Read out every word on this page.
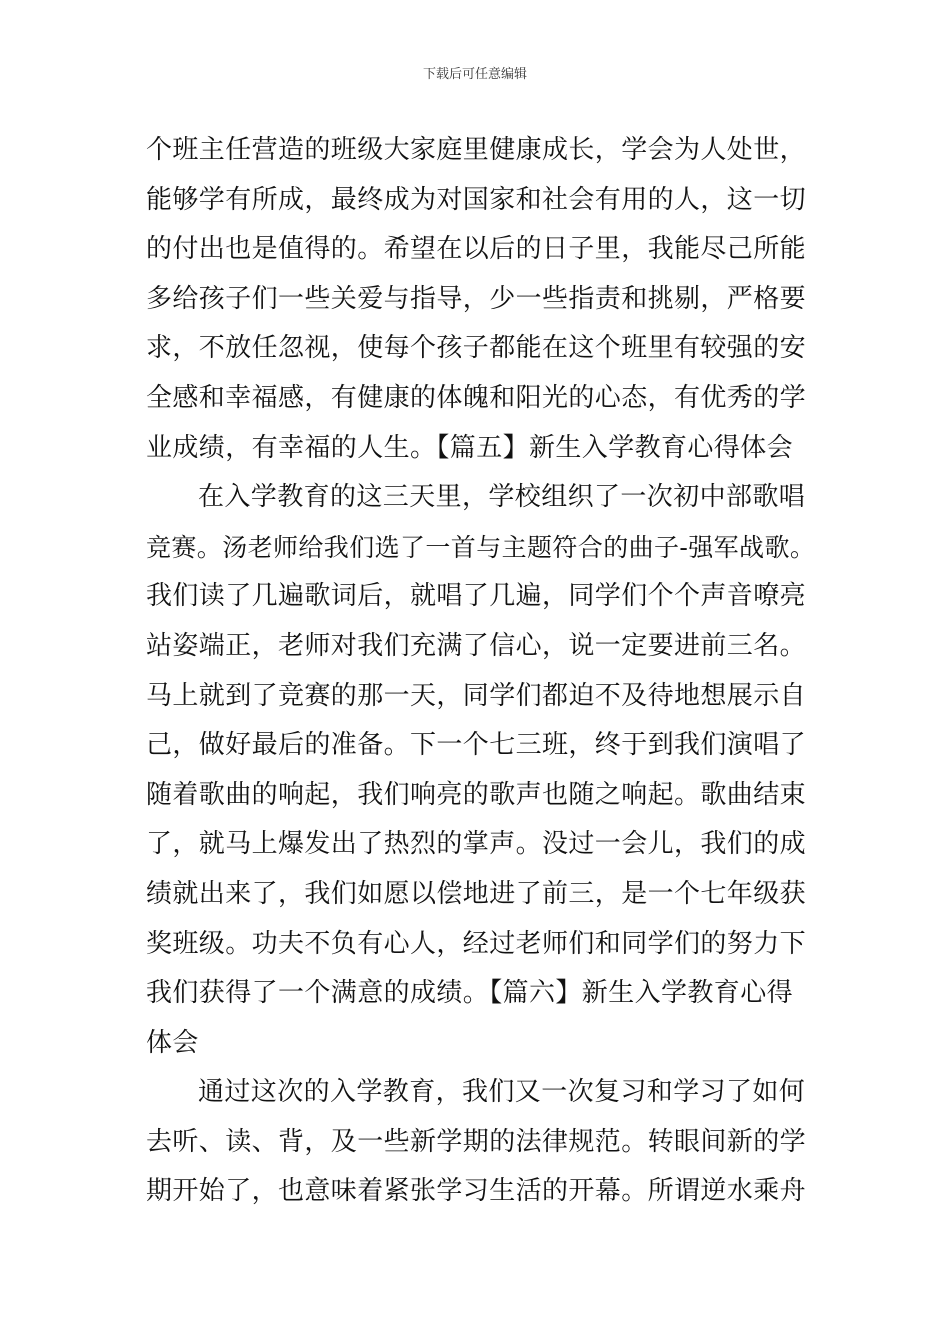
下载后可任意编辑
个班主任营造的班级大家庭里健康成长，学会为人处世，
能够学有所成，最终成为对国家和社会有用的人，这一切
的付出也是值得的。希望在以后的日子里，我能尽己所能
多给孩子们一些关爱与指导，少一些指责和挑剔，严格要
求，不放任忽视，使每个孩子都能在这个班里有较强的安
全感和幸福感，有健康的体魄和阳光的心态，有优秀的学
业成绩，有幸福的人生。【篇五】新生入学教育心得体会
在入学教育的这三天里，学校组织了一次初中部歌唱
竞赛。汤老师给我们选了一首与主题符合的曲子-强军战歌。
我们读了几遍歌词后，就唱了几遍，同学们个个声音嘹亮
站姿端正，老师对我们充满了信心，说一定要进前三名。
马上就到了竞赛的那一天，同学们都迫不及待地想展示自
己，做好最后的准备。下一个七三班，终于到我们演唱了
随着歌曲的响起，我们响亮的歌声也随之响起。歌曲结束
了，就马上爆发出了热烈的掌声。没过一会儿，我们的成
绩就出来了，我们如愿以偿地进了前三，是一个七年级获
奖班级。功夫不负有心人，经过老师们和同学们的努力下
我们获得了一个满意的成绩。【篇六】新生入学教育心得
体会
通过这次的入学教育，我们又一次复习和学习了如何
去听、读、背，及一些新学期的法律规范。转眼间新的学
期开始了，也意味着紧张学习生活的开幕。所谓逆水乘舟
